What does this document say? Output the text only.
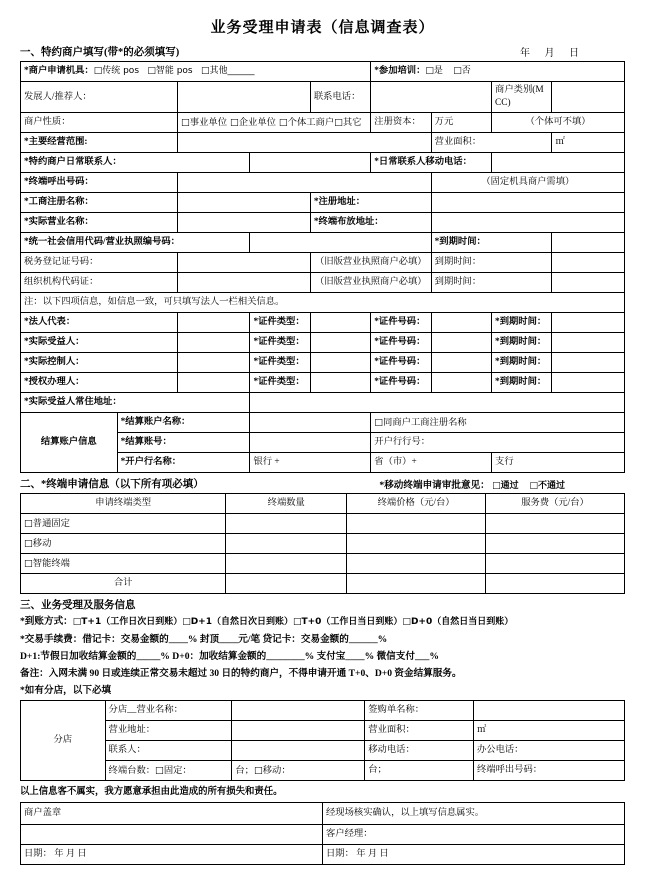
业务受理申请表（信息调查表）
一、特约商户填写(带*的必须填写)	年 月 日
*商户申请机具：□传统 pos □智能 pos □其他______					*参加培训：□是 □否			
发展人/推荐人：				联系电话：			商户类别(MCC)	
商户性质：		□事业单位 □企业单位 □个体工商户□其它			注册资本：	万元	（个体可不填）	
*主要经营范围:						营业面积：		㎡
*特约商户日常联系人：					*日常联系人移动电话：			
*终端呼出号码：						（固定机具商户需填）		
*工商注册名称：				*注册地址：				
*实际营业名称：				*终端布放地址：				
*统一社会信用代码/营业执照编号码：						*到期时间：		
税务登记证号码：				（旧版营业执照商户必填）		到期时间：		
组织机构代码证：				（旧版营业执照商户必填）		到期时间：		
注：以下四项信息，如信息一致，可只填写法人一栏相关信息。								
*法人代表：			*证件类型：		*证件号码：		*到期时间：	
*实际受益人：			*证件类型：		*证件号码：		*到期时间：	
*实际控制人：			*证件类型：		*证件号码：		*到期时间：	
*授权办理人：			*证件类型：		*证件号码：		*到期时间：	
*实际受益人常住地址：								
结算账户信息	*结算账户名称：				□同商户工商注册名称			
	*结算账号：				开户行行号：			
	*开户行名称：		银行 +		省（市）+		支行	
二、*终端申请信息（以下所有项必填）	*移动终端申请审批意见： □通过 □不通过
申请终端类型	终端数量	终端价格（元/台）	服务费（元/台）
□普通固定			
□移动			
□智能终端			
合计			
三、业务受理及服务信息
*到账方式：□T+1（工作日次日到账）□D+1（自然日次日到账）□T+0（工作日当日到账）□D+0（自然日当日到账）
*交易手续费：借记卡：交易金额的____% 封顶____元/笔 贷记卡：交易金额的______%
D+1:节假日加收结算金额的_____% D+0：加收结算金额的________% 支付宝____% 微信支付___%
备注：入网未满 90 日或连续正常交易未超过 30 日的特约商户，不得申请开通 T+0、D+0 资金结算服务。
*如有分店，以下必填
分店	分店__营业名称：		签购单名称：	
	营业地址：		营业面积：	㎡
	联系人：		移动电话：	办公电话：
	终端台数：□固定：	台；□移动：	台；	终端呼出号码：
以上信息客不属实，我方愿意承担由此造成的所有损失和责任。
商户盖章	经现场核实确认，以上填写信息属实。
	客户经理：
日期： 年 月 日	日期： 年 月 日
